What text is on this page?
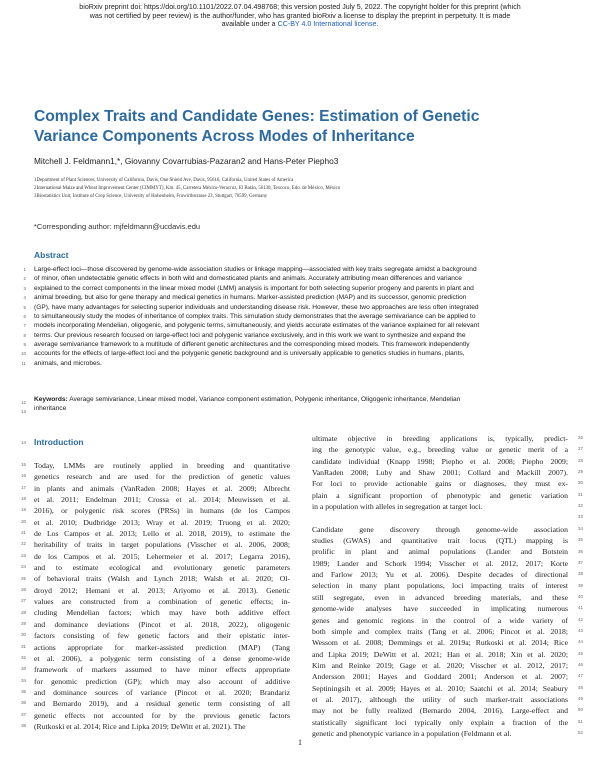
bioRxiv preprint doi: https://doi.org/10.1101/2022.07.04.498768; this version posted July 5, 2022. The copyright holder for this preprint (which
was not certified by peer review) is the author/funder, who has granted bioRxiv a license to display the preprint in perpetuity. It is made
available under a CC-BY 4.0 International license.
Complex Traits and Candidate Genes: Estimation of Genetic
Variance Components Across Modes of Inheritance
Mitchell J. Feldmann1,*, Giovanny Covarrubias-Pazaran2 and Hans-Peter Piepho3
1Department of Plant Sciences, University of California, Davis, One Shield Ave, Davis, 95616, California, United States of America
2International Maize and Wheat Improvement Center (CIMMYT), Km. 45, Carretera México-Veracruz, El Batán, 56130, Texcoco, Edo. de México, México
3Biostatistics Unit, Institute of Crop Science, University of Hohenheim, Fruwirthstrasse 23, Stuttgart, 70599, Germany
*Corresponding author: mjfeldmann@ucdavis.edu
Abstract
Large-effect loci—those discovered by genome-wide association studies or linkage mapping—associated with key traits segregate amidst a background
of minor, often undetectable genetic effects in both wild and domesticated plants and animals. Accurately attributing mean differences and variance
explained to the correct components in the linear mixed model (LMM) analysis is important for both selecting superior progeny and parents in plant and
animal breeding, but also for gene therapy and medical genetics in humans. Marker-assisted prediction (MAP) and its successor, genomic prediction
(GP), have many advantages for selecting superior individuals and understanding disease risk. However, these two approaches are less often integrated
to simultaneously study the modes of inheritance of complex traits. This simulation study demonstrates that the average semivariance can be applied to
models incorporating Mendelian, oligogenic, and polygenic terms, simultaneously, and yields accurate estimates of the variance explained for all relevant
terms. Our previous research focused on large-effect loci and polygenic variance exclusively, and in this work we want to synthesize and expand the
average semivariance framework to a multitude of different genetic architectures and the corresponding mixed models. This framework independently
accounts for the effects of large-effect loci and the polygenic genetic background and is universally applicable to genetics studies in humans, plants,
animals, and microbes.
Keywords: Average semivariance, Linear mixed model, Variance component estimation, Polygenic inheritance, Oligogenic inheritance, Mendelian
inheritance
Introduction
Today, LMMs are routinely applied in breeding and quantitative
genetics research and are used for the prediction of genetic values
in plants and animals (VanRaden 2008; Hayes et al. 2009; Albrecht
et al. 2011; Endelman 2011; Crossa et al. 2014; Meuwissen et al.
2016), or polygenic risk scores (PRSs) in humans (de los Campos
et al. 2010; Dudbridge 2013; Wray et al. 2019; Truong et al. 2020;
de Los Campos et al. 2013; Lello et al. 2018, 2019), to estimate the
heritability of traits in target populations (Visscher et al. 2006, 2008;
de los Campos et al. 2015; Lehermeier et al. 2017; Legarra 2016),
and to estimate ecological and evolutionary genetic parameters
of behavioral traits (Walsh and Lynch 2018; Walsh et al. 2020; Ol-
droyd 2012; Hemani et al. 2013; Ariyomo et al. 2013). Genetic
values are constructed from a combination of genetic effects; in-
cluding Mendelian factors; which may have both additive effect
and dominance deviations (Pincot et al. 2018, 2022), oligogenic
factors consisting of few genetic factors and their epistatic inter-
actions appropriate for marker-assisted prediction (MAP) (Tang
et al. 2006), a polygenic term consisting of a dense genome-wide
framework of markers assumed to have minor effects appropriate
for genomic prediction (GP); which may also account of additive
and dominance sources of variance (Pincot et al. 2020; Brandariz
and Bernardo 2019), and a residual genetic term consisting of all
genetic effects not accounted for by the previous genetic factors
(Rutkoski et al. 2014; Rice and Lipka 2019; DeWitt et al. 2021). The
ultimate objective in breeding applications is, typically, predict-
ing the genotypic value, e.g., breeding value or genetic merit of a
candidate individual (Knapp 1998; Piepho et al. 2008; Piepho 2009;
VanRaden 2008; Luby and Shaw 2001; Collard and Mackill 2007).
For loci to provide actionable gains or diagnoses, they must ex-
plain a significant proportion of phenotypic and genetic variation
in a population with alleles in segregation at target loci.

Candidate gene discovery through genome-wide association
studies (GWAS) and quantitative trait locus (QTL) mapping is
prolific in plant and animal populations (Lander and Botstein
1989; Lander and Schork 1994; Visscher et al. 2012, 2017; Korte
and Farlow 2013; Yu et al. 2006). Despite decades of directional
selection in many plant populations, loci impacting traits of interest
still segregate, even in advanced breeding materials, and these
genome-wide analyses have succeeded in implicating numerous
genes and genomic regions in the control of a wide variety of
both simple and complex traits (Tang et al. 2006; Pincot et al. 2018;
Wessom et al. 2008; Demmings et al. 2019a; Rutkoski et al. 2014; Rice
and Lipka 2019; DeWitt et al. 2021; Han et al. 2018; Xin et al. 2020;
Kim and Reinke 2019; Gage et al. 2020; Visscher et al. 2012, 2017;
Andersson 2001; Hayes and Goddard 2001; Anderson et al. 2007;
Septiningsih et al. 2009; Hayes et al. 2010; Saatchi et al. 2014; Seabury
et al. 2017), although the utility of such marker-trait associations
may not be fully realized (Bernardo 2004, 2016). Large-effect and
statistically significant loci typically only explain a fraction of the
genetic and phenotypic variance in a population (Feldmann et al.
1
2
3
4
5
6
7
8
9
10
11
12
13
14
15
16
17
18
19
20
21
22
23
24
25
26
27
28
29
30
31
32
33
34
35
36
37
38
26
27
28
29
30
31
32
33
34
35
36
37
38
39
40
41
42
43
44
45
46
47
48
49
50
51
52
1
